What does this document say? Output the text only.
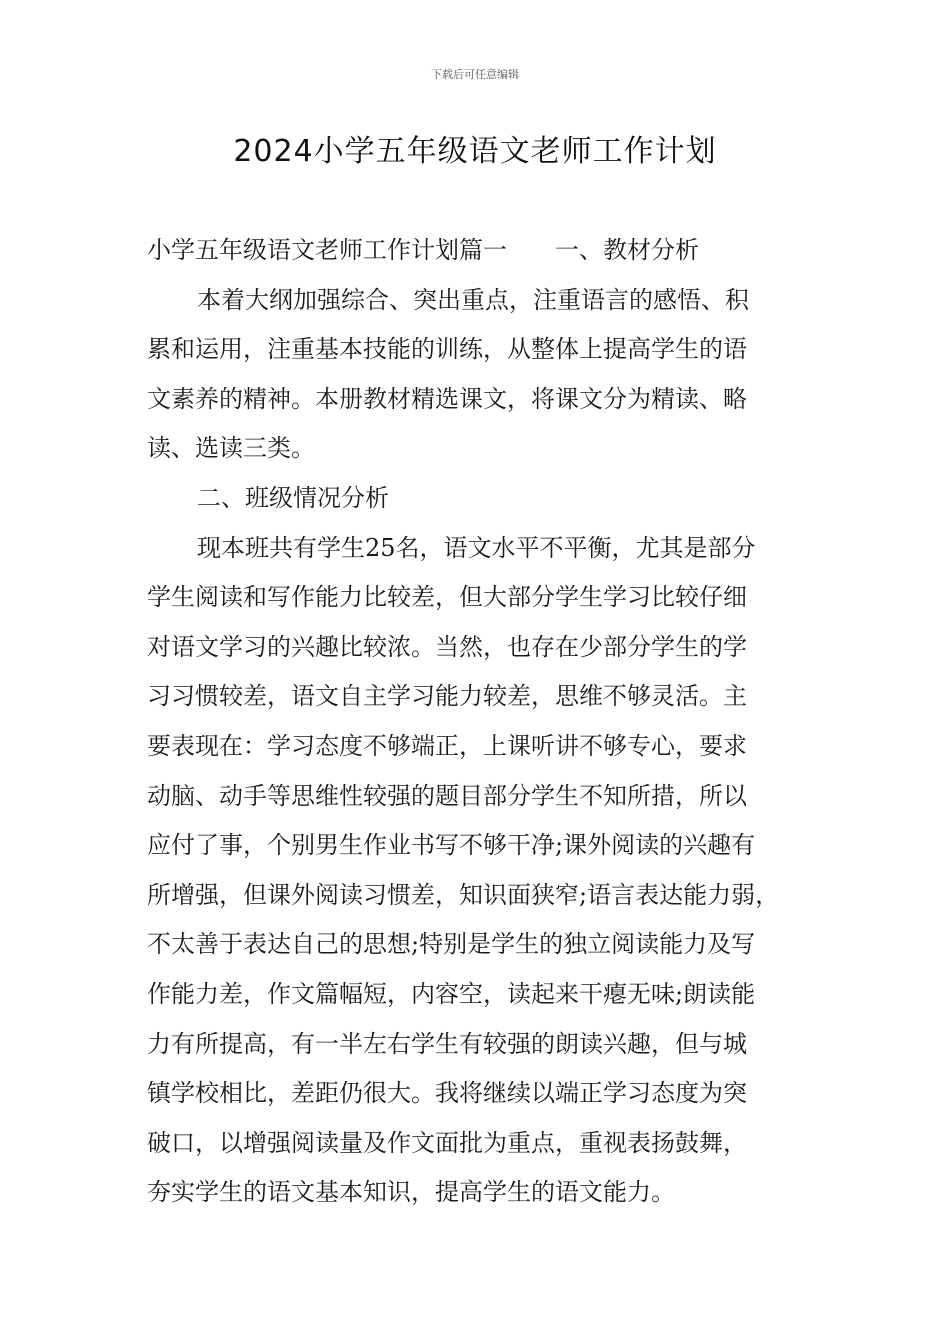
下载后可任意编辑
2024小学五年级语文老师工作计划
小学五年级语文老师工作计划篇一 一、教材分析
本着大纲加强综合、突出重点，注重语言的感悟、积
累和运用，注重基本技能的训练，从整体上提高学生的语
文素养的精神。本册教材精选课文，将课文分为精读、略
读、选读三类。
二、班级情况分析
现本班共有学生25名，语文水平不平衡，尤其是部分
学生阅读和写作能力比较差，但大部分学生学习比较仔细
对语文学习的兴趣比较浓。当然，也存在少部分学生的学
习习惯较差，语文自主学习能力较差，思维不够灵活。主
要表现在：学习态度不够端正，上课听讲不够专心，要求
动脑、动手等思维性较强的题目部分学生不知所措，所以
应付了事，个别男生作业书写不够干净;课外阅读的兴趣有
所增强，但课外阅读习惯差，知识面狭窄;语言表达能力弱，
不太善于表达自己的思想;特别是学生的独立阅读能力及写
作能力差，作文篇幅短，内容空，读起来干瘪无味;朗读能
力有所提高，有一半左右学生有较强的朗读兴趣，但与城
镇学校相比，差距仍很大。我将继续以端正学习态度为突
破口，以增强阅读量及作文面批为重点，重视表扬鼓舞，
夯实学生的语文基本知识，提高学生的语文能力。
